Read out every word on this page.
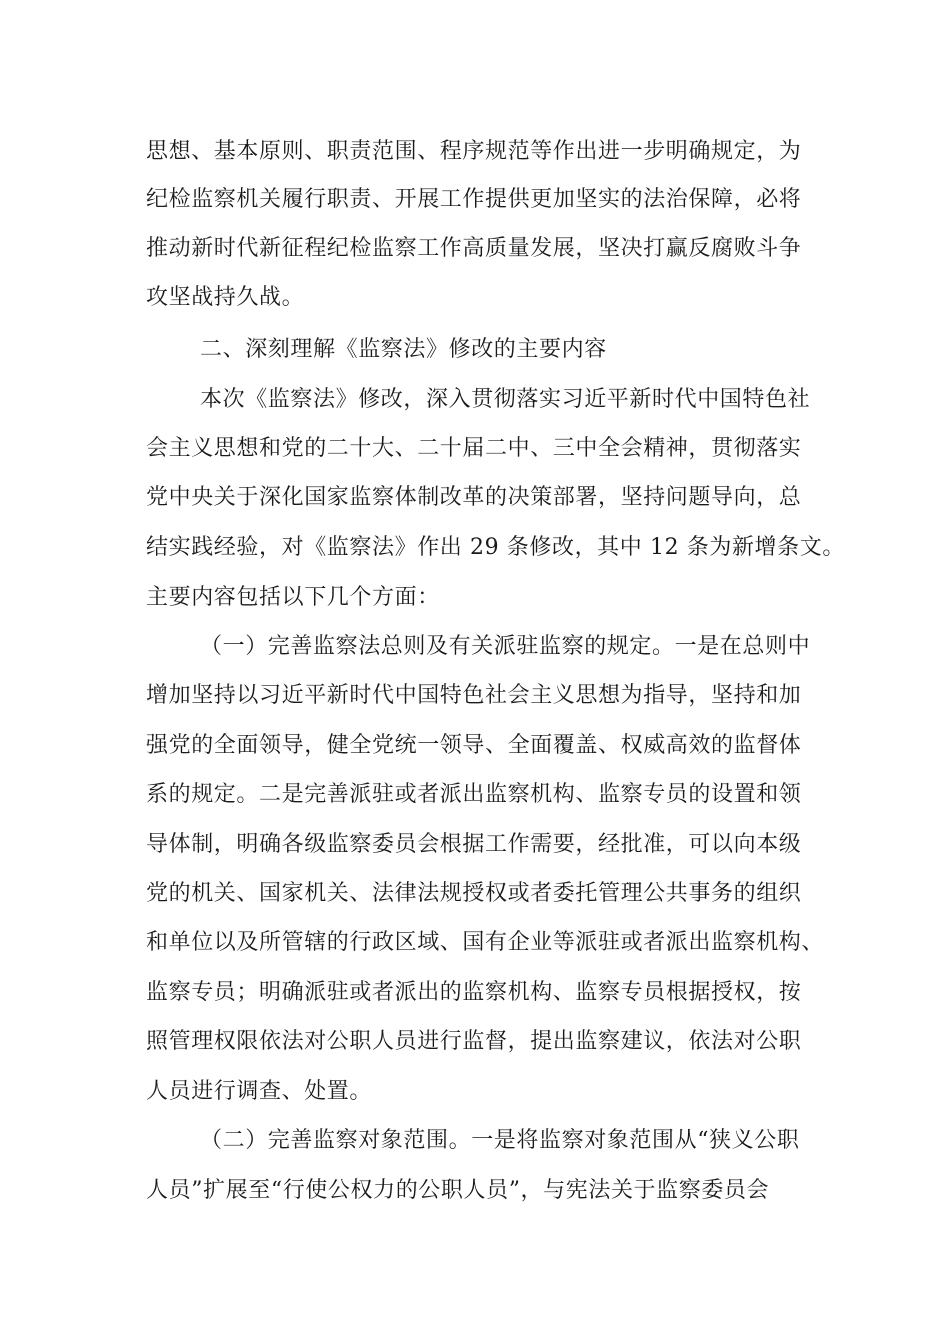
思想、基本原则、职责范围、程序规范等作出进一步明确规定，为
纪检监察机关履行职责、开展工作提供更加坚实的法治保障，必将
推动新时代新征程纪检监察工作高质量发展，坚决打赢反腐败斗争
攻坚战持久战。
二、深刻理解《监察法》修改的主要内容
本次《监察法》修改，深入贯彻落实习近平新时代中国特色社
会主义思想和党的二十大、二十届二中、三中全会精神，贯彻落实
党中央关于深化国家监察体制改革的决策部署，坚持问题导向，总
结实践经验，对《监察法》作出 29 条修改，其中 12 条为新增条文。
主要内容包括以下几个方面：
（一）完善监察法总则及有关派驻监察的规定。一是在总则中
增加坚持以习近平新时代中国特色社会主义思想为指导，坚持和加
强党的全面领导，健全党统一领导、全面覆盖、权威高效的监督体
系的规定。二是完善派驻或者派出监察机构、监察专员的设置和领
导体制，明确各级监察委员会根据工作需要，经批准，可以向本级
党的机关、国家机关、法律法规授权或者委托管理公共事务的组织
和单位以及所管辖的行政区域、国有企业等派驻或者派出监察机构、
监察专员；明确派驻或者派出的监察机构、监察专员根据授权，按
照管理权限依法对公职人员进行监督，提出监察建议，依法对公职
人员进行调查、处置。
（二）完善监察对象范围。一是将监察对象范围从“狭义公职
人员”扩展至“行使公权力的公职人员”，与宪法关于监察委员会
